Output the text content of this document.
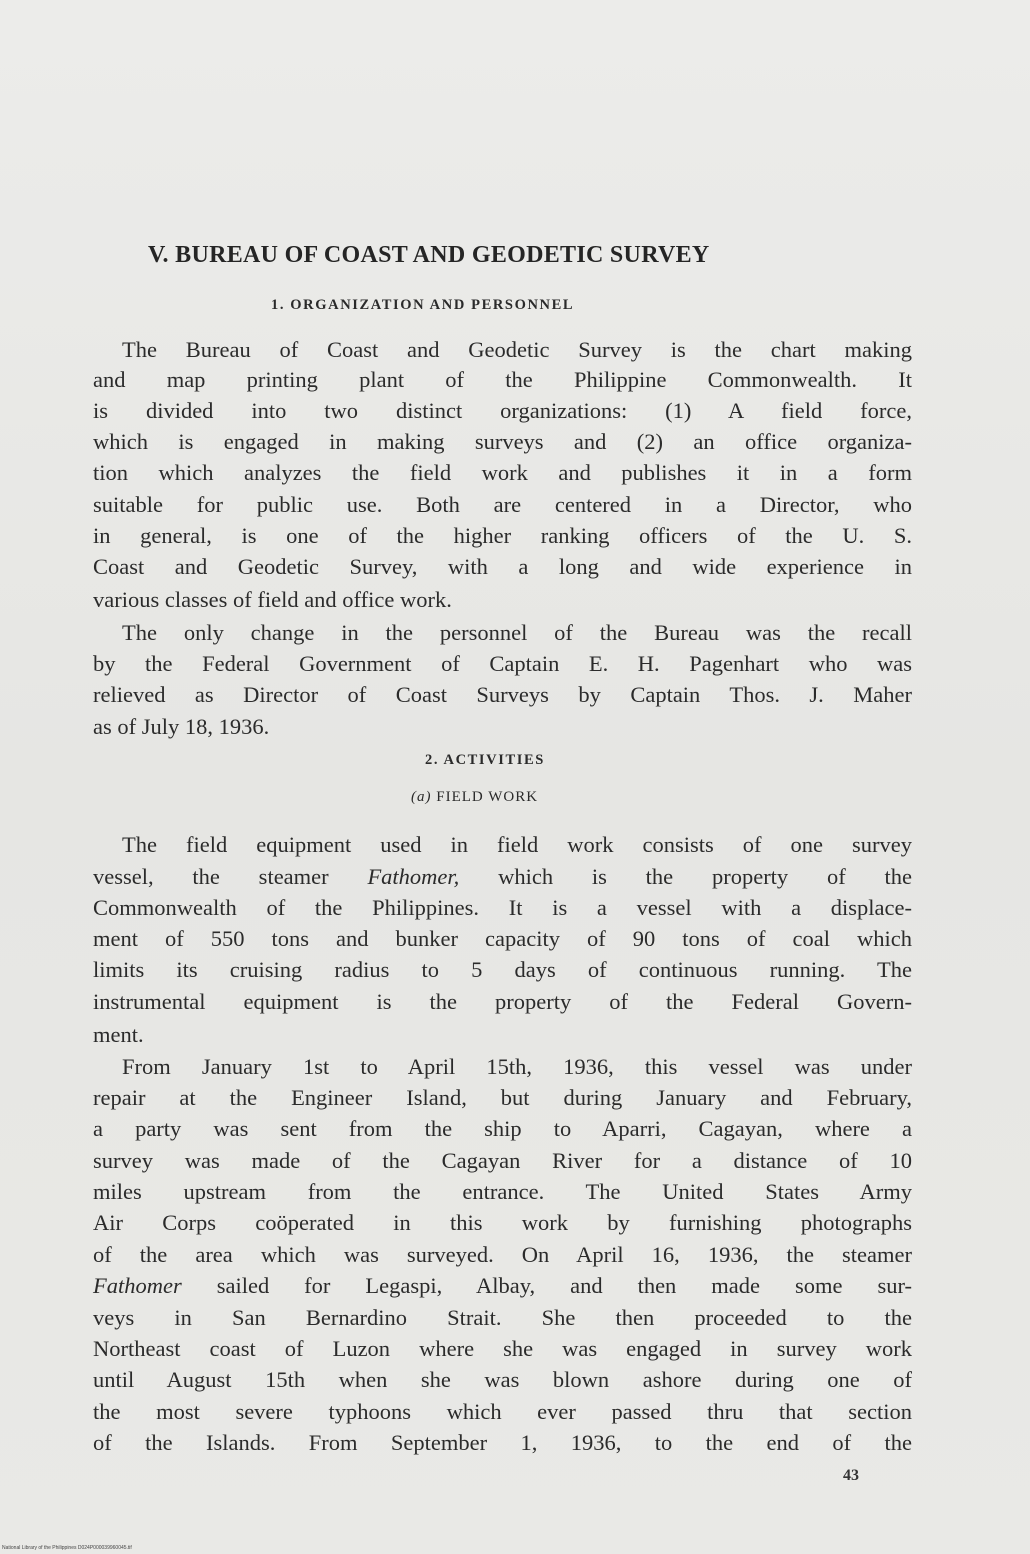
V. BUREAU OF COAST AND GEODETIC SURVEY
1. ORGANIZATION AND PERSONNEL
The Bureau of Coast and Geodetic Survey is the chart making
and map printing plant of the Philippine Commonwealth. It
is divided into two distinct organizations: (1) A field force,
which is engaged in making surveys and (2) an office organiza-
tion which analyzes the field work and publishes it in a form
suitable for public use. Both are centered in a Director, who
in general, is one of the higher ranking officers of the U. S.
Coast and Geodetic Survey, with a long and wide experience in
various classes of field and office work.
The only change in the personnel of the Bureau was the recall
by the Federal Government of Captain E. H. Pagenhart who was
relieved as Director of Coast Surveys by Captain Thos. J. Maher
as of July 18, 1936.
2. ACTIVITIES
(a) FIELD WORK
The field equipment used in field work consists of one survey
vessel, the steamer Fathomer, which is the property of the
Commonwealth of the Philippines. It is a vessel with a displace-
ment of 550 tons and bunker capacity of 90 tons of coal which
limits its cruising radius to 5 days of continuous running. The
instrumental equipment is the property of the Federal Govern-
ment.
From January 1st to April 15th, 1936, this vessel was under
repair at the Engineer Island, but during January and February,
a party was sent from the ship to Aparri, Cagayan, where a
survey was made of the Cagayan River for a distance of 10
miles upstream from the entrance. The United States Army
Air Corps coöperated in this work by furnishing photographs
of the area which was surveyed. On April 16, 1936, the steamer
Fathomer sailed for Legaspi, Albay, and then made some sur-
veys in San Bernardino Strait. She then proceeded to the
Northeast coast of Luzon where she was engaged in survey work
until August 15th when she was blown ashore during one of
the most severe typhoons which ever passed thru that section
of the Islands. From September 1, 1936, to the end of the
43
National Library of the Philippines D024P000039960045.tif
